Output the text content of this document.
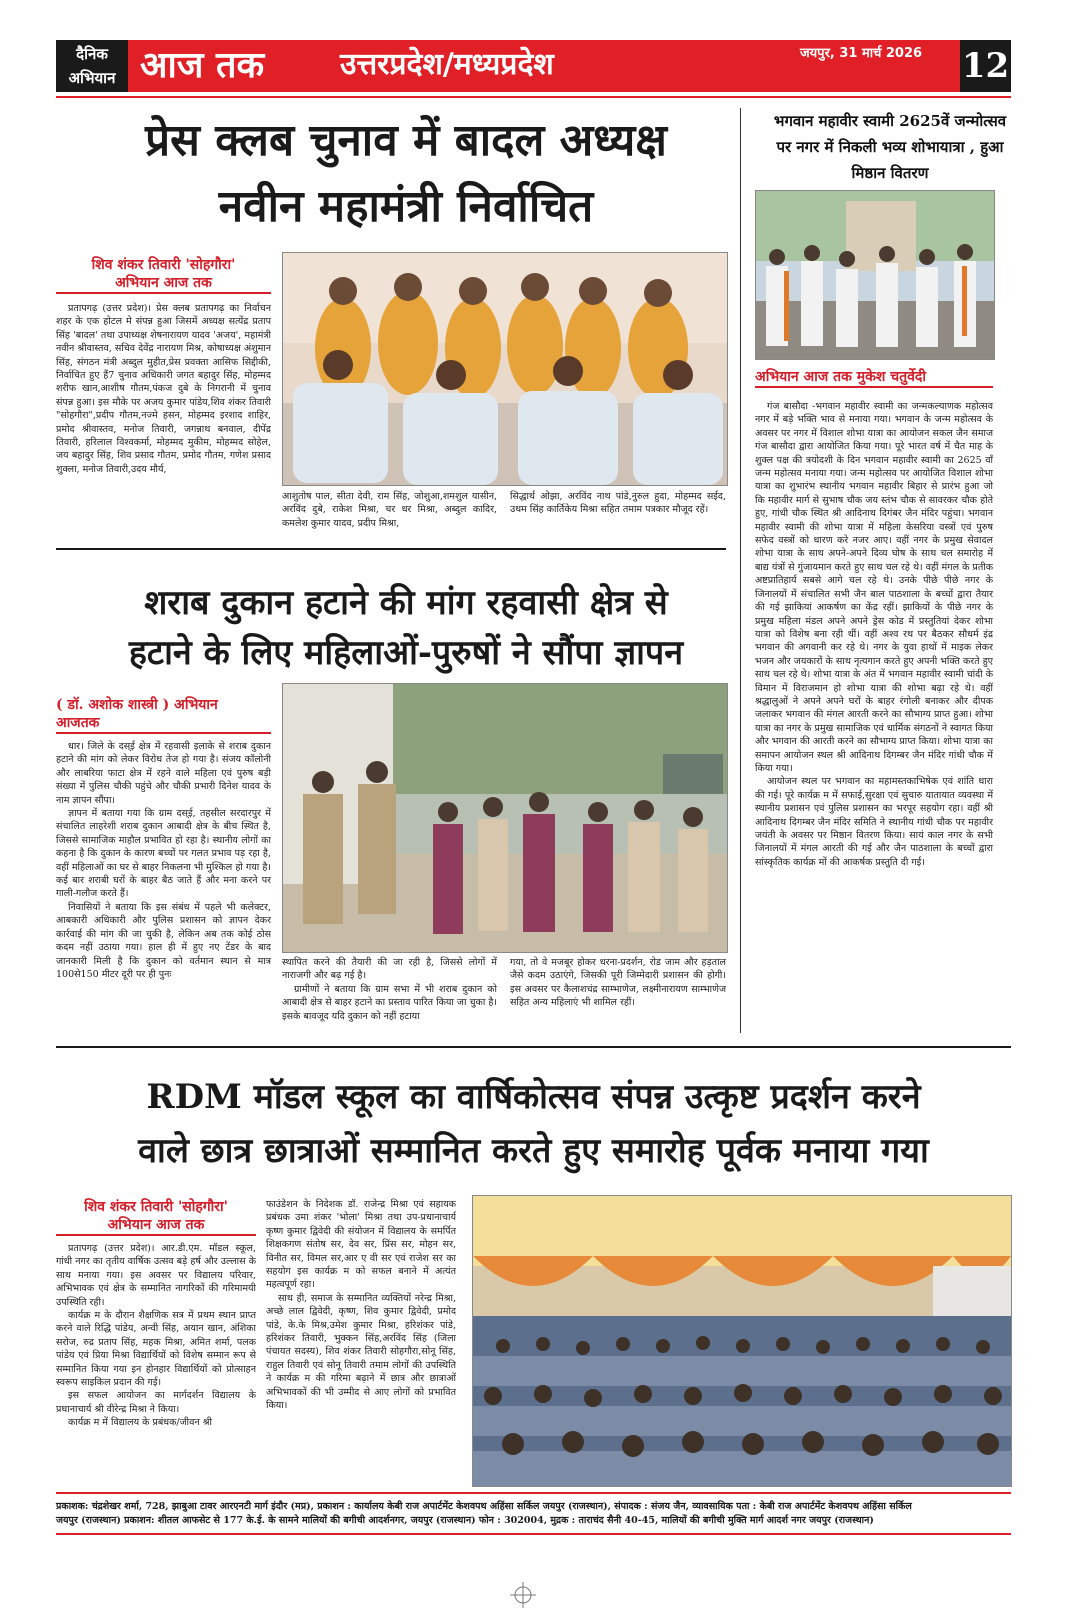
दैनिक
अभियान आज तक	उत्तरप्रदेश/मध्यप्रदेश	जयपुर, 31 मार्च 2026 12
प्रेस क्लब चुनाव में बादल अध्यक्ष
नवीन महामंत्री निर्वाचित
शिव शंकर तिवारी 'सोहगौरा'
अभियान आज तक

प्रतापगढ़ (उत्तर प्रदेश)। प्रेस क्लब प्रतापगढ़ का निर्वाचन शहर के एक होटल मे संपन्न हुआ जिसमें अध्यक्ष सत्येंद्र प्रताप सिंह 'बादल' तथा उपाध्यक्ष शेषनारायण यादव 'अजय', महामंत्री नवीन श्रीवास्तव, सचिव देवेंद्र नारायण मिश्र, कोषाध्यक्ष अंशुमान सिंह, संगठन मंत्री अब्दुल मुहीत,प्रेस प्रवक्ता आसिफ सिद्दीकी, निर्वाचित हुए हैं7 चुनाव अधिकारी जगत बहादुर सिंह, मोहम्मद शरीफ खान,आशीष गौतम,पंकज दुबे के निगरानी में चुनाव संपन्न हुआ। इस मौके पर अजय कुमार पांडेय,शिव शंकर तिवारी "सोहगौरा",प्रदीप गौतम,नज्मे हसन, मोहम्मद इरशाद शाहिर, प्रमोद श्रीवास्तव, मनोज तिवारी, जगन्नाथ बनवाल, दीपेंद्र तिवारी, हरिलाल विश्वकर्मा, मोहम्मद मुकीम, मोहम्मद सोहेल, जय बहादुर सिंह, शिव प्रसाद गौतम, प्रमोद गौतम, गणेश प्रसाद शुक्ला, मनोज तिवारी,उदय मौर्य,

आशुतोष पाल, सीता देवी, राम सिंह, जोशुआ,शमशुल यासीन, अरविंद दुबे, राकेश मिश्रा, चर धर मिश्रा, अब्दुल कादिर, कमलेश कुमार यादव, प्रदीप मिश्रा,

सिद्धार्थ ओझा, अरविंद नाथ पांडे,नुरुल हुदा, मोहम्मद सईद, उधम सिंह कार्तिकेय मिश्रा सहित तमाम पत्रकार मौजूद रहें।

भगवान महावीर स्वामी 2625वें जन्मोत्सव पर नगर में निकली भव्य शोभायात्रा , हुआ मिष्ठान वितरण
अभियान आज तक मुकेश चतुर्वेदी

गंज बासौदा -भगवान महावीर स्वामी का जन्मकल्याणक महोत्सव नगर में बड़े भक्ति भाव से मनाया गया। भगवान के जन्म महोत्सव के अवसर पर नगर में विशाल शोभा यात्रा का आयोजन सकल जैन समाज गंज बासौदा द्वारा आयोजित किया गया। पूरे भारत वर्ष में चैत माह के शुक्ल पक्ष की त्रयोदशी के दिन भगवान महावीर स्वामी का 2625 वाँ जन्म महोत्सव मनाया गया। जन्म महोत्सव पर आयोजित विशाल शोभा यात्रा का शुभारंभ स्थानीय भगवान महावीर बिहार से प्रारंभ हुआ जो कि महावीर मार्ग से सुभाष चौक जय स्तंभ चौक से सावरकर चौक होते हुए, गांधी चौक स्थित श्री आदिनाथ दिगंबर जैन मंदिर पहुंचा। भगवान महावीर स्वामी की शोभा यात्रा में महिला केसरिया वस्त्रों एवं पुरुष सफेद वस्त्रों को धारण करे नजर आए। वहीं नगर के प्रमुख सेवादल शोभा यात्रा के साथ अपने-अपने दिव्य घोष के साथ चल समारोह में बाद्य यंत्रों से गुंजायमान करते हुए साथ चल रहे थे। वहीं मंगल के प्रतीक अष्टप्रातिहार्य सबसे आगे चल रहे थे। उनके पीछे पीछे नगर के जिनालयों में संचालित सभी जैन बाल पाठशाला के बच्चों द्वारा तैयार की गई झाकियां आकर्षण का केंद्र रहीं। झाकियों के पीछे नगर के प्रमुख महिला मंडल अपने अपने ड्रेस कोड में प्रस्तुतियां देकर शोभा यात्रा को विशेष बना रही थीं। वहीं अश्व रथ पर बैठकर सौधर्म इंद्र भगवान की अगवानी कर रहे थे। नगर के युवा हाथों में माइक लेकर भजन और जयकारों के साथ नृत्यगान करते हुए अपनी भक्ति करते हुए साथ चल रहे थे। शोभा यात्रा के अंत में भगवान महावीर स्वामी चांदी के विमान में विराजमान हो शोभा यात्रा की शोभा बढ़ा रहे थे। वहीं श्रद्धालुओं ने अपने अपने घरों के बाहर रंगोली बनाकर और दीपक जलाकर भगवान की मंगल आरती करने का सौभाग्य प्राप्त हुआ। शोभा यात्रा का नगर के प्रमुख सामाजिक एवं धार्मिक संगठनों ने स्वागत किया और भगवान की आरती करने का सौभाग्य प्राप्त किया। शोभा यात्रा का समापन आयोजन स्थल श्री आदिनाथ दिगम्बर जैन मंदिर गांधी चौक में किया गया।

आयोजन स्थल पर भगवान का महामस्तकाभिषेक एवं शांति धारा की गई। पूरे कार्यक्र म में सफाई,सुरक्षा एवं सुचारु यातायात व्यवस्था में स्थानीय प्रशासन एवं पुलिस प्रशासन का भरपूर सहयोग रहा। वहीं श्री आदिनाथ दिगम्बर जैन मंदिर समिति ने स्थानीय गांधी चौक पर महावीर जयंती के अवसर पर मिष्ठान वितरण किया। सायं काल नगर के सभी जिनालयों में मंगल आरती की गई और जैन पाठशाला के बच्चों द्वारा सांस्कृतिक कार्यक्र मों की आकर्षक प्रस्तुति दी गई।

शराब दुकान हटाने की मांग रहवासी क्षेत्र से
हटाने के लिए महिलाओं-पुरुषों ने सौंपा ज्ञापन
( डॉ. अशोक शास्त्री ) अभियान
आजतक

धार। जिले के दस्ई क्षेत्र में रहवासी इलाके से शराब दुकान हटाने की मांग को लेकर विरोध तेज हो गया है। संजय कॉलोनी और लाबरिया फाटा क्षेत्र में रहने वाले महिला एवं पुरुष बड़ी संख्या में पुलिस चौकी पहुंचे और चौकी प्रभारी दिनेश यादव के नाम ज्ञापन सौंपा।

ज्ञापन में बताया गया कि ग्राम दस्ई, तहसील सरदारपुर में संचालित लाहरेशी शराब दुकान आबादी क्षेत्र के बीच स्थित है, जिससे सामाजिक माहौल प्रभावित हो रहा है। स्थानीय लोगों का कहना है कि दुकान के कारण बच्चों पर गलत प्रभाव पड़ रहा है, वहीं महिलाओं का घर से बाहर निकलना भी मुश्किल हो गया है। कई बार शराबी घरों के बाहर बैठ जाते हैं और मना करने पर गाली-गलौज करते हैं।

निवासियों ने बताया कि इस संबंध में पहले भी कलेक्टर, आबकारी अधिकारी और पुलिस प्रशासन को ज्ञापन देकर कार्रवाई की मांग की जा चुकी है, लेकिन अब तक कोई ठोस कदम नहीं उठाया गया। हाल ही में हुए नए टेंडर के बाद जानकारी मिली है कि दुकान को वर्तमान स्थान से मात्र 100से150 मीटर दूरी पर ही पुनः

स्थापित करने की तैयारी की जा रही है, जिससे लोगों में नाराजगी और बढ़ गई है।

ग्रामीणों ने बताया कि ग्राम सभा में भी शराब दुकान को आबादी क्षेत्र से बाहर हटाने का प्रस्ताव पारित किया जा चुका है। इसके बावजूद यदि दुकान को नहीं हटाया

गया, तो वे मजबूर होकर धरना-प्रदर्शन, रोड जाम और हड़ताल जैसे कदम उठाएंगे, जिसकी पूरी जिम्मेदारी प्रशासन की होगी। इस अवसर पर कैलाशचंद्र साम्भाणेज, लक्ष्मीनारायण साम्भाणेज सहित अन्य महिलाएं भी शामिल रहीं।

RDM मॉडल स्कूल का वार्षिकोत्सव संपन्न उत्कृष्ट प्रदर्शन करने
वाले छात्र छात्राओं सम्मानित करते हुए समारोह पूर्वक मनाया गया
शिव शंकर तिवारी 'सोहगौरा'
अभियान आज तक

प्रतापगढ़ (उत्तर प्रदेश)। आर.डी.एम. मॉडल स्कूल, गांधी नगर का तृतीय वार्षिक उत्सव बड़े हर्ष और उल्लास के साथ मनाया गया। इस अवसर पर विद्यालय परिवार, अभिभावक एवं क्षेत्र के सम्मानित नागरिकों की गरिमामयी उपस्थिति रही।

कार्यक्र म के दौरान शैक्षणिक सत्र में प्रथम स्थान प्राप्त करने वाले रिद्धि पांडेय, अन्वी सिंह, अयान खान, अंशिका सरोज, रुद्र प्रताप सिंह, महक मिश्रा, अमित शर्मा, पलक पांडेय एवं प्रिया मिश्रा विद्यार्थियों को विशेष सम्मान रूप से सम्मानित किया गया इन होनहार विद्यार्थियों को प्रोत्साहन स्वरूप साइकिल प्रदान की गई।

इस सफल आयोजन का मार्गदर्शन विद्यालय के प्रधानाचार्य श्री वीरेन्द्र मिश्रा ने किया।

कार्यक्र म में विद्यालय के प्रबंधक/जीवन श्री

फाउंडेशन के निदेशक डॉ. राजेन्द्र मिश्रा एवं सहायक प्रबंधक उमा शंकर 'भोला' मिश्रा तथा उप-प्रधानाचार्य कृष्ण कुमार द्विवेदी की संयोजन में विद्यालय के समर्पित शिक्षकगण संतोष सर, देव सर, प्रिंस सर, मोहन सर, विनीत सर, विमल सर,आर ए वी सर एवं राजेश सर का सहयोग इस कार्यक्र म को सफल बनाने में अत्यंत महत्वपूर्ण रहा।

साथ ही, समाज के सम्मानित व्यक्तियों नरेन्द्र मिश्रा, अच्छे लाल द्विवेदी, कृष्ण, शिव कुमार द्विवेदी, प्रमोद पांडे, के.के मिश्र,उमेश कुमार मिश्रा, हरिशंकर पांडे, हरिशंकर तिवारी, भुक्कन सिंह,अरविंद सिंह (जिला पंचायत सदस्य), शिव शंकर तिवारी सोहगौरा,सोनू सिंह, राहुल तिवारी एवं सोनू तिवारी तमाम लोगों की उपस्थिति ने कार्यक्र म की गरिमा बढ़ाने में छात्र और छात्राओं अभिभावकों की भी उम्मीद से आए लोगों को प्रभावित किया।

प्रकाशक: चंद्रशेखर शर्मा, 728, झाबुआ टावर आरएनटी मार्ग इंदौर (मप्र), प्रकाशन : कार्यालय केबी राज अपार्टमेंट केशवपथ अहिंसा सर्किल जयपुर (राजस्थान), संपादक : संजय जैन, व्यावसायिक पता : केबी राज अपार्टमेंट केशवपथ अहिंसा सर्किल
जयपुर (राजस्थान) प्रकाशन: शीतल आफसेट से 177 के.ई. के सामने मालियों की बगीची आदर्शनगर, जयपुर (राजस्थान) फोन : 302004, मुद्रक : ताराचंद सैनी 40-45, मालियों की बगीची मुक्ति मार्ग आदर्श नगर जयपुर (राजस्थान)
